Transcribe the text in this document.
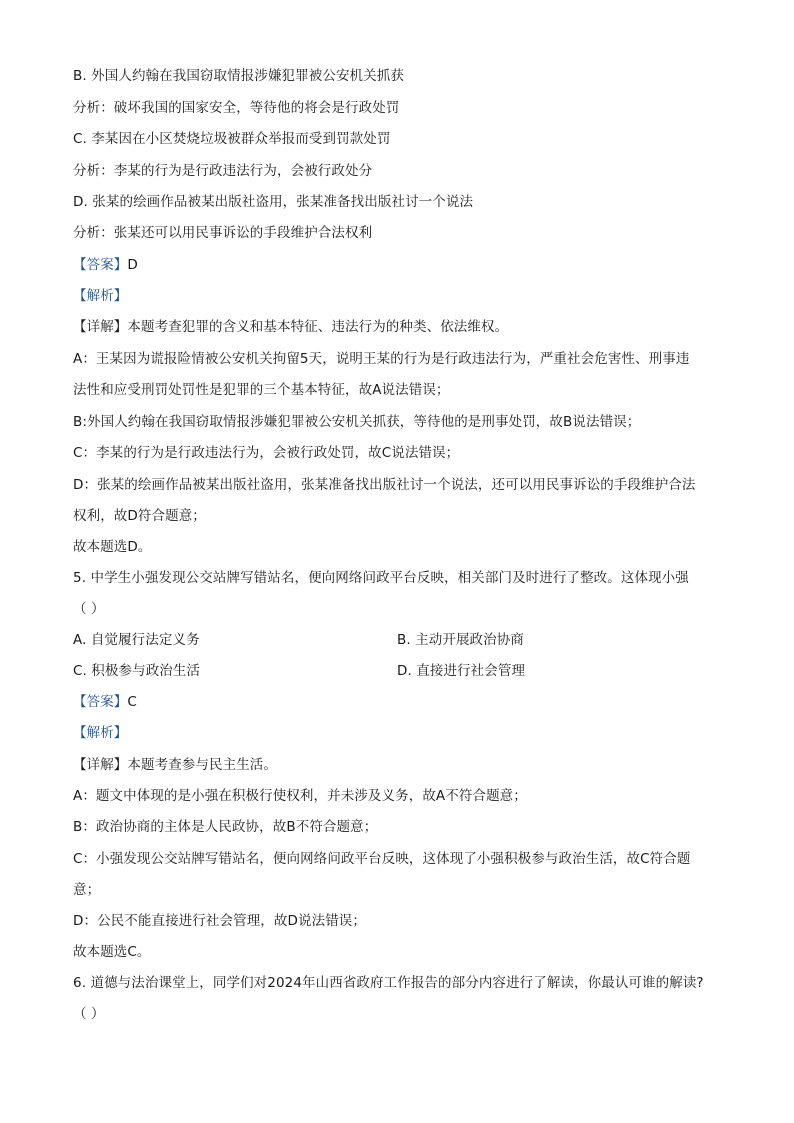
B. 外国人约翰在我国窃取情报涉嫌犯罪被公安机关抓获
分析：破坏我国的国家安全，等待他的将会是行政处罚
C. 李某因在小区焚烧垃圾被群众举报而受到罚款处罚
分析：李某的行为是行政违法行为，会被行政处分
D. 张某的绘画作品被某出版社盗用，张某准备找出版社讨一个说法
分析：张某还可以用民事诉讼的手段维护合法权利
【答案】D
【解析】
【详解】本题考查犯罪的含义和基本特征、违法行为的种类、依法维权。
A：王某因为谎报险情被公安机关拘留5天，说明王某的行为是行政违法行为，严重社会危害性、刑事违
法性和应受刑罚处罚性是犯罪的三个基本特征，故A说法错误；
B:外国人约翰在我国窃取情报涉嫌犯罪被公安机关抓获，等待他的是刑事处罚，故B说法错误；
C：李某的行为是行政违法行为，会被行政处罚，故C说法错误；
D：张某的绘画作品被某出版社盗用，张某准备找出版社讨一个说法，还可以用民事诉讼的手段维护合法
权利，故D符合题意；
故本题选D。
5. 中学生小强发现公交站牌写错站名，便向网络问政平台反映，相关部门及时进行了整改。这体现小强
（ ）
A. 自觉履行法定义务	B. 主动开展政治协商
C. 积极参与政治生活	D. 直接进行社会管理
【答案】C
【解析】
【详解】本题考查参与民主生活。
A：题文中体现的是小强在积极行使权利，并未涉及义务，故A不符合题意；
B：政治协商的主体是人民政协，故B不符合题意；
C：小强发现公交站牌写错站名，便向网络问政平台反映，这体现了小强积极参与政治生活，故C符合题
意；
D：公民不能直接进行社会管理，故D说法错误；
故本题选C。
6. 道德与法治课堂上，同学们对2024年山西省政府工作报告的部分内容进行了解读，你最认可谁的解读?
（ ）
